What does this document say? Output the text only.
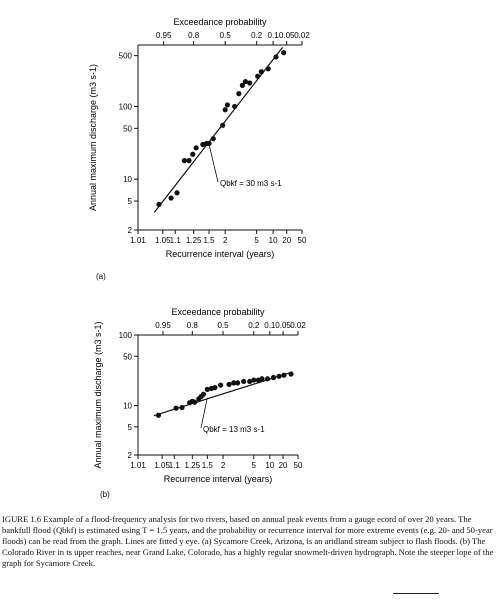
1.01 1.05 1.1 1.25 1.5 2	5 10 20 50
0.95 0.8	0.5	0.2 0.1 0.05 0.02
2
5
10
50
100
500
Recurrence interval (years)
Exceedance probability
Annual maximum discharge (m3 s-1)	Qbkf = 30 m3 s-1
(a)
1.01 1.05
1.1 1.25 1.5 2	5 10 20 50
0.95 0.8 0.5 0.2 0.1 0.05 0.02
2
5
10
50
100
Recurrence interval (years)
Exceedance probability
Annual maximum discharge (m3 s-1)	Qbkf = 13 m3 s-1
(b)
IGURE 1.6 Example of a flood-frequency analysis for two rivers, based on annual peak events from a gauge ecord of over 20 years. The bankfull flood (Qbkf) is estimated using T = 1.5 years, and the probability or recurrence interval for more extreme events (e.g. 20- and 50-year floods) can be read from the graph. Lines are fitted y eye. (a) Sycamore Creek, Arizona, is an aridland stream subject to flash floods. (b) The Colorado River in ts upper reaches, near Grand Lake, Colorado, has a highly regular snowmelt-driven hydrograph. Note the steeper lope of the graph for Sycamore Creek.
